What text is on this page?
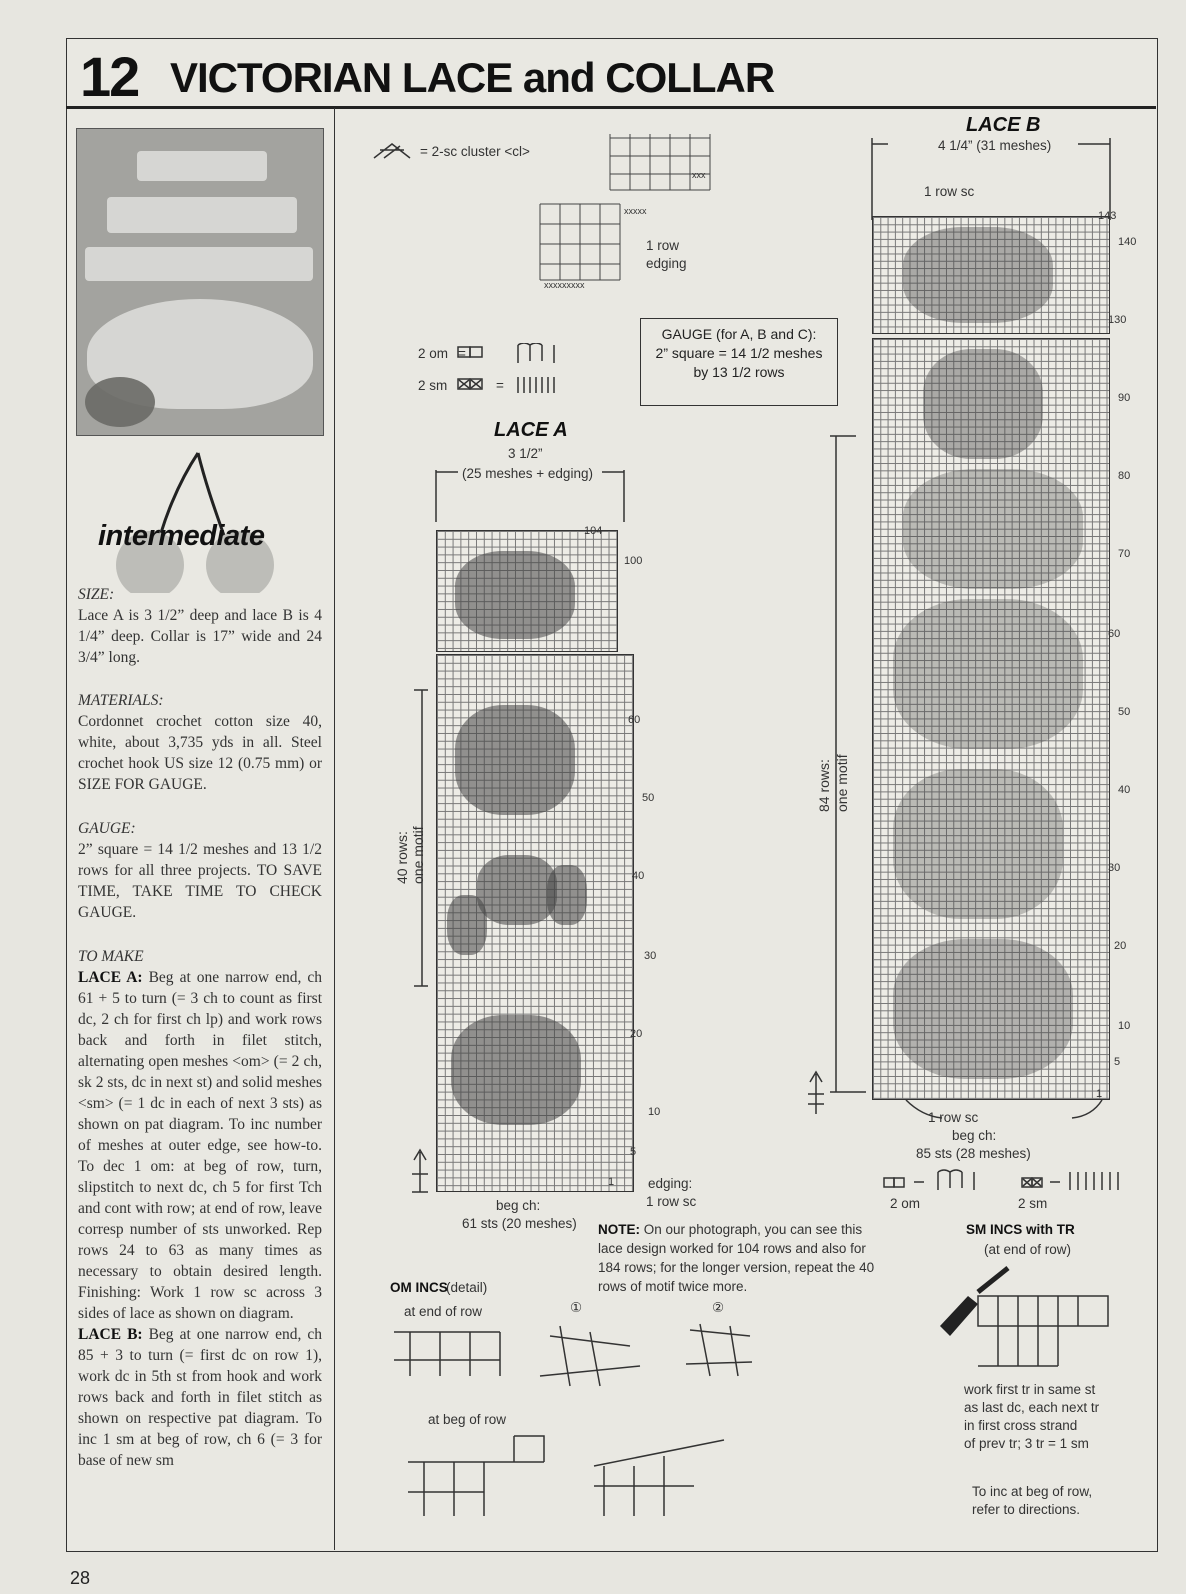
12 VICTORIAN LACE and COLLAR
intermediate

SIZE:

Lace A is 3 1/2” deep and lace B is 4 1/4” deep. Collar is 17” wide and 24 3/4” long.

MATERIALS:

Cordonnet crochet cotton size 40, white, about 3,735 yds in all. Steel crochet hook US size 12 (0.75 mm) or SIZE FOR GAUGE.

GAUGE:

2” square = 14 1/2 meshes and 13 1/2 rows for all three projects. TO SAVE TIME, TAKE TIME TO CHECK GAUGE.

TO MAKE

LACE A: Beg at one narrow end, ch 61 + 5 to turn (= 3 ch to count as first dc, 2 ch for first ch lp) and work rows back and forth in filet stitch, alternating open meshes <om> (= 2 ch, sk 2 sts, dc in next st) and solid meshes <sm> (= 1 dc in each of next 3 sts) as shown on pat diagram. To inc number of meshes at outer edge, see how-to. To dec 1 om: at beg of row, turn, slipstitch to next dc, ch 5 for first Tch and cont with row; at end of row, leave corresp number of sts unworked. Rep rows 24 to 63 as many times as necessary to obtain desired length. Finishing: Work 1 row sc across 3 sides of lace as shown on diagram.

LACE B: Beg at one narrow end, ch 85 + 3 to turn (= first dc on row 1), work dc in 5th st from hook and work rows back and forth in filet stitch as shown on respective pat diagram. To inc 1 sm at beg of row, ch 6 (= 3 for base of new sm

= 2-sc cluster <cl>
xxxxx
xxxxxxxxx
xxx
1 row
edging
2 om =
2 sm	=
GAUGE (for A, B and C):
2” square = 14 1/2 meshes
by 13 1/2 rows
LACE A
3 1/2”
(25 meshes + edging)
40 rows: one motif
104
100
60
50
40
30
20
10
5
1
beg ch:
61 sts (20 meshes)
edging:
1 row sc
NOTE: On our photograph, you can see this lace design worked for 104 rows and also for 184 rows; for the longer version, repeat the 40 rows of motif twice more.
OM INCS
(detail)
at end of row	①	②
at beg of row
LACE B
4 1/4” (31 meshes)
1 row sc
84 rows: one motif
143
140
130
90
80
70
60
50
40
30
20
10
5
1
1 row sc
beg ch:
85 sts (28 meshes)
2 om	2 sm
SM INCS with TR
(at end of row)
work first tr in same st
as last dc, each next tr
in first cross strand
of prev tr; 3 tr = 1 sm
To inc at beg of row,
refer to directions.
28
